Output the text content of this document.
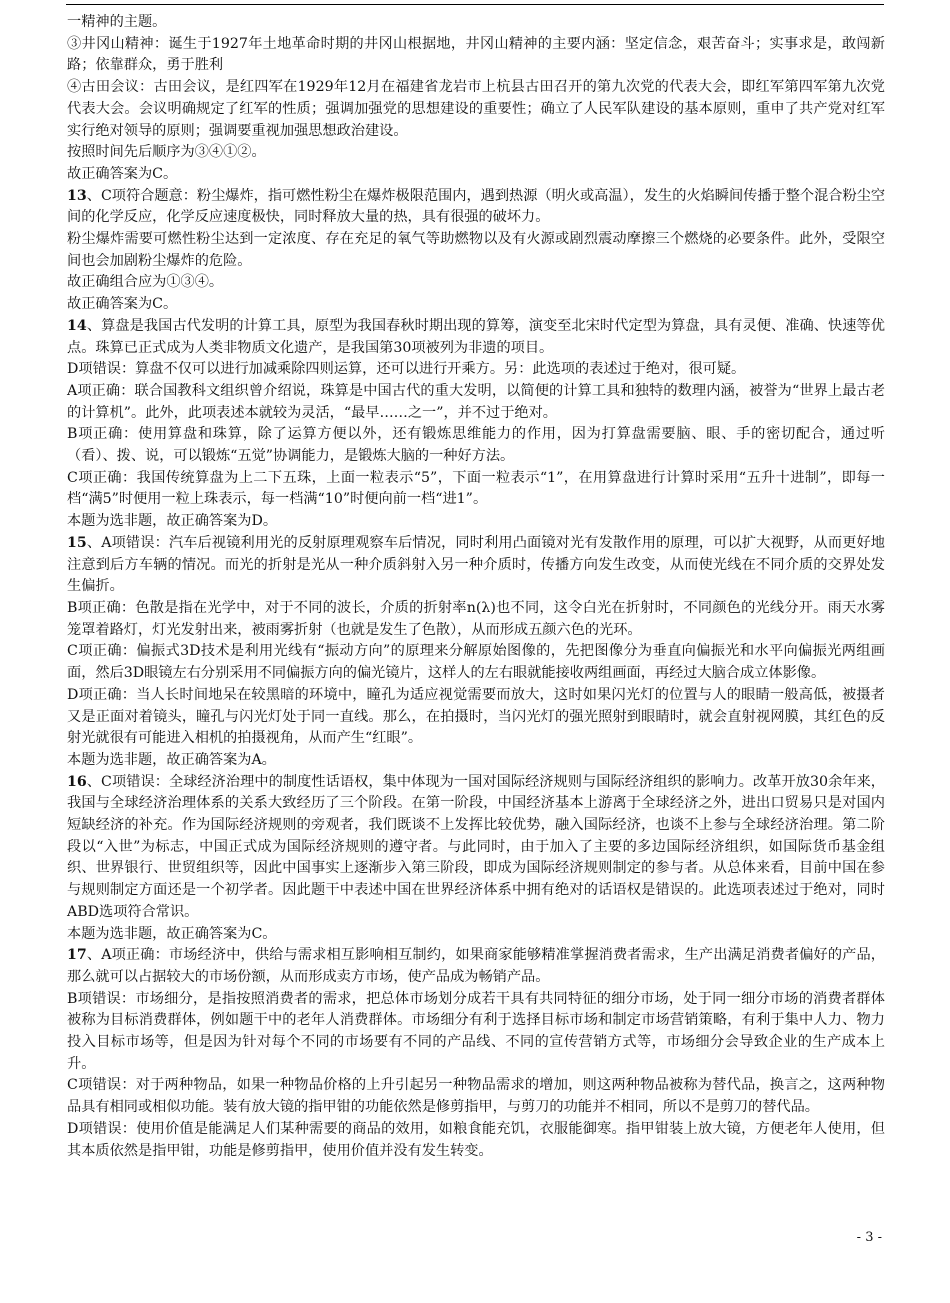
一精神的主题。

③井冈山精神：诞生于1927年土地革命时期的井冈山根据地，井冈山精神的主要内涵：坚定信念，艰苦奋斗；实事求是，敢闯新路；依靠群众，勇于胜利

④古田会议：古田会议，是红四军在1929年12月在福建省龙岩市上杭县古田召开的第九次党的代表大会，即红军第四军第九次党代表大会。会议明确规定了红军的性质；强调加强党的思想建设的重要性；确立了人民军队建设的基本原则，重申了共产党对红军实行绝对领导的原则；强调要重视加强思想政治建设。

按照时间先后顺序为③④①②。

故正确答案为C。

13、C项符合题意：粉尘爆炸，指可燃性粉尘在爆炸极限范围内，遇到热源（明火或高温），发生的火焰瞬间传播于整个混合粉尘空间的化学反应，化学反应速度极快，同时释放大量的热，具有很强的破坏力。

粉尘爆炸需要可燃性粉尘达到一定浓度、存在充足的氧气等助燃物以及有火源或剧烈震动摩擦三个燃烧的必要条件。此外，受限空间也会加剧粉尘爆炸的危险。

故正确组合应为①③④。

故正确答案为C。

14、算盘是我国古代发明的计算工具，原型为我国春秋时期出现的算筹，演变至北宋时代定型为算盘，具有灵便、准确、快速等优点。珠算已正式成为人类非物质文化遗产，是我国第30项被列为非遗的项目。

D项错误：算盘不仅可以进行加减乘除四则运算，还可以进行开乘方。另：此选项的表述过于绝对，很可疑。

A项正确：联合国教科文组织曾介绍说，珠算是中国古代的重大发明，以简便的计算工具和独特的数理内涵，被誉为“世界上最古老的计算机”。此外，此项表述本就较为灵活，“最早……之一”，并不过于绝对。

B项正确：使用算盘和珠算，除了运算方便以外，还有锻炼思维能力的作用，因为打算盘需要脑、眼、手的密切配合，通过听（看）、拨、说，可以锻炼“五觉”协调能力，是锻炼大脑的一种好方法。

C项正确：我国传统算盘为上二下五珠，上面一粒表示“5”，下面一粒表示“1”，在用算盘进行计算时采用“五升十进制”，即每一档“满5”时便用一粒上珠表示，每一档满“10”时便向前一档“进1”。

本题为选非题，故正确答案为D。

15、A项错误：汽车后视镜利用光的反射原理观察车后情况，同时利用凸面镜对光有发散作用的原理，可以扩大视野，从而更好地注意到后方车辆的情况。而光的折射是光从一种介质斜射入另一种介质时，传播方向发生改变，从而使光线在不同介质的交界处发生偏折。

B项正确：色散是指在光学中，对于不同的波长，介质的折射率n(λ)也不同，这令白光在折射时，不同颜色的光线分开。雨天水雾笼罩着路灯，灯光发射出来，被雨雾折射（也就是发生了色散），从而形成五颜六色的光环。

C项正确：偏振式3D技术是利用光线有“振动方向”的原理来分解原始图像的，先把图像分为垂直向偏振光和水平向偏振光两组画面，然后3D眼镜左右分别采用不同偏振方向的偏光镜片，这样人的左右眼就能接收两组画面，再经过大脑合成立体影像。

D项正确：当人长时间地呆在较黑暗的环境中，瞳孔为适应视觉需要而放大，这时如果闪光灯的位置与人的眼睛一般高低，被摄者又是正面对着镜头，瞳孔与闪光灯处于同一直线。那么，在拍摄时，当闪光灯的强光照射到眼睛时，就会直射视网膜，其红色的反射光就很有可能进入相机的拍摄视角，从而产生“红眼”。

本题为选非题，故正确答案为A。

16、C项错误：全球经济治理中的制度性话语权，集中体现为一国对国际经济规则与国际经济组织的影响力。改革开放30余年来，我国与全球经济治理体系的关系大致经历了三个阶段。在第一阶段，中国经济基本上游离于全球经济之外，进出口贸易只是对国内短缺经济的补充。作为国际经济规则的旁观者，我们既谈不上发挥比较优势，融入国际经济，也谈不上参与全球经济治理。第二阶段以“入世”为标志，中国正式成为国际经济规则的遵守者。与此同时，由于加入了主要的多边国际经济组织，如国际货币基金组织、世界银行、世贸组织等，因此中国事实上逐渐步入第三阶段，即成为国际经济规则制定的参与者。从总体来看，目前中国在参与规则制定方面还是一个初学者。因此题干中表述中国在世界经济体系中拥有绝对的话语权是错误的。此选项表述过于绝对，同时ABD选项符合常识。

本题为选非题，故正确答案为C。

17、A项正确：市场经济中，供给与需求相互影响相互制约，如果商家能够精准掌握消费者需求，生产出满足消费者偏好的产品，那么就可以占据较大的市场份额，从而形成卖方市场，使产品成为畅销产品。

B项错误：市场细分，是指按照消费者的需求，把总体市场划分成若干具有共同特征的细分市场，处于同一细分市场的消费者群体被称为目标消费群体，例如题干中的老年人消费群体。市场细分有利于选择目标市场和制定市场营销策略，有利于集中人力、物力投入目标市场等，但是因为针对每个不同的市场要有不同的产品线、不同的宣传营销方式等，市场细分会导致企业的生产成本上升。

C项错误：对于两种物品，如果一种物品价格的上升引起另一种物品需求的增加，则这两种物品被称为替代品，换言之，这两种物品具有相同或相似功能。装有放大镜的指甲钳的功能依然是修剪指甲，与剪刀的功能并不相同，所以不是剪刀的替代品。

D项错误：使用价值是能满足人们某种需要的商品的效用，如粮食能充饥，衣服能御寒。指甲钳装上放大镜，方便老年人使用，但其本质依然是指甲钳，功能是修剪指甲，使用价值并没有发生转变。

- 3 -
